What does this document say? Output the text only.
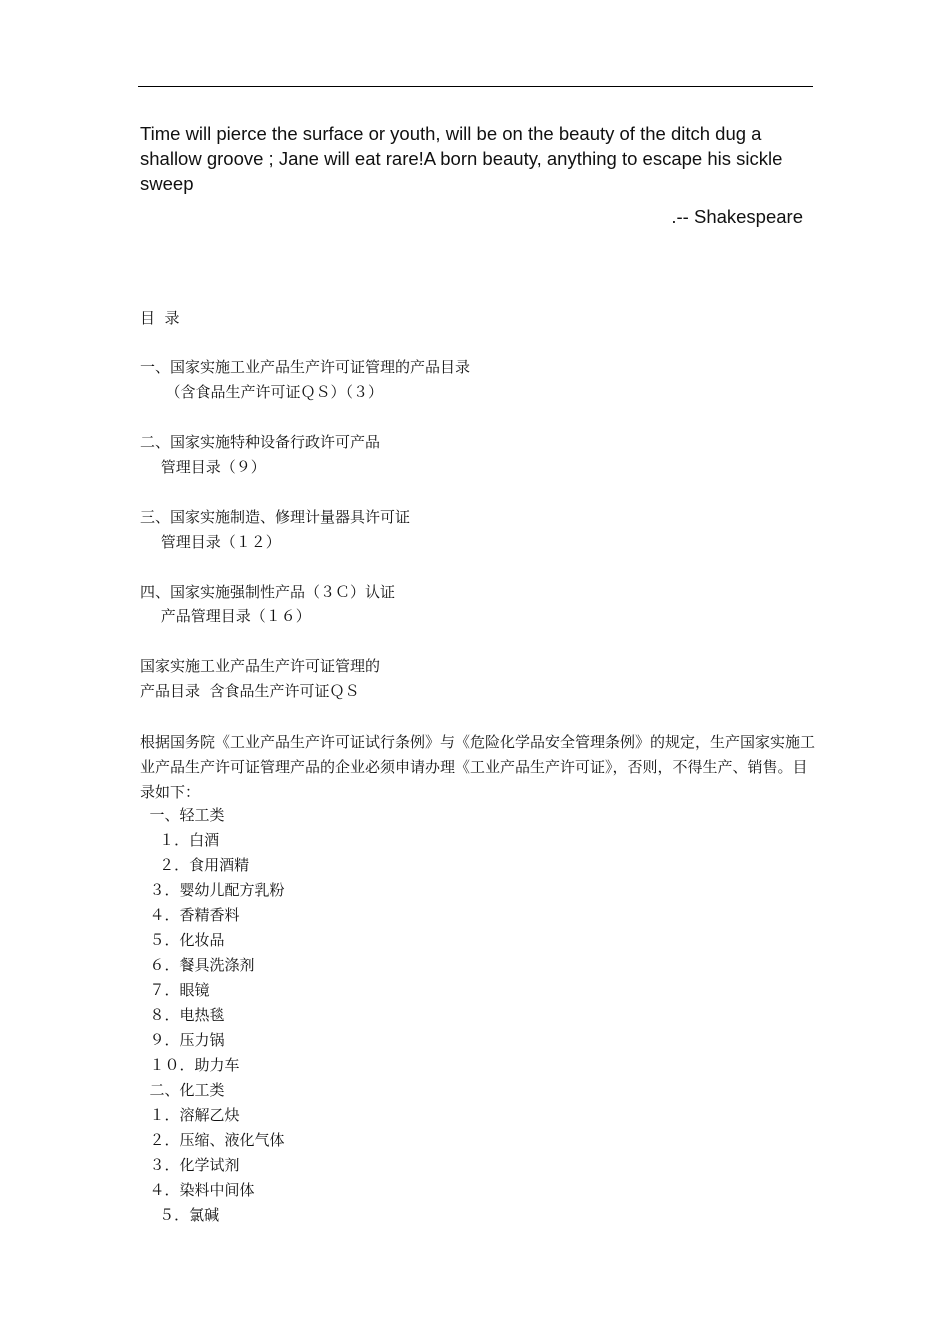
Time will pierce the surface or youth, will be on the beauty of the ditch dug a shallow groove ; Jane will eat rare!A born beauty, anything to escape his sickle sweep
.-- Shakespeare
目  录
一、国家实施工业产品生产许可证管理的产品目录
（含食品生产许可证ＱＳ）（３）
二、国家实施特种设备行政许可产品
管理目录（９）
三、国家实施制造、修理计量器具许可证
管理目录（１２）
四、国家实施强制性产品（３Ｃ）认证
产品管理目录（１６）
国家实施工业产品生产许可证管理的
产品目录  含食品生产许可证ＱＳ
根据国务院《工业产品生产许可证试行条例》与《危险化学品安全管理条例》的规定，生产国家实施工业产品生产许可证管理产品的企业必须申请办理《工业产品生产许可证》，否则，不得生产、销售。目录如下：
一、轻工类
１．白酒
２．食用酒精
３．婴幼儿配方乳粉
４．香精香料
５．化妆品
６．餐具洗涤剂
７．眼镜
８．电热毯
９．压力锅
１０．助力车
二、化工类
１．溶解乙炔
２．压缩、液化气体
３．化学试剂
４．染料中间体
５．氯碱
